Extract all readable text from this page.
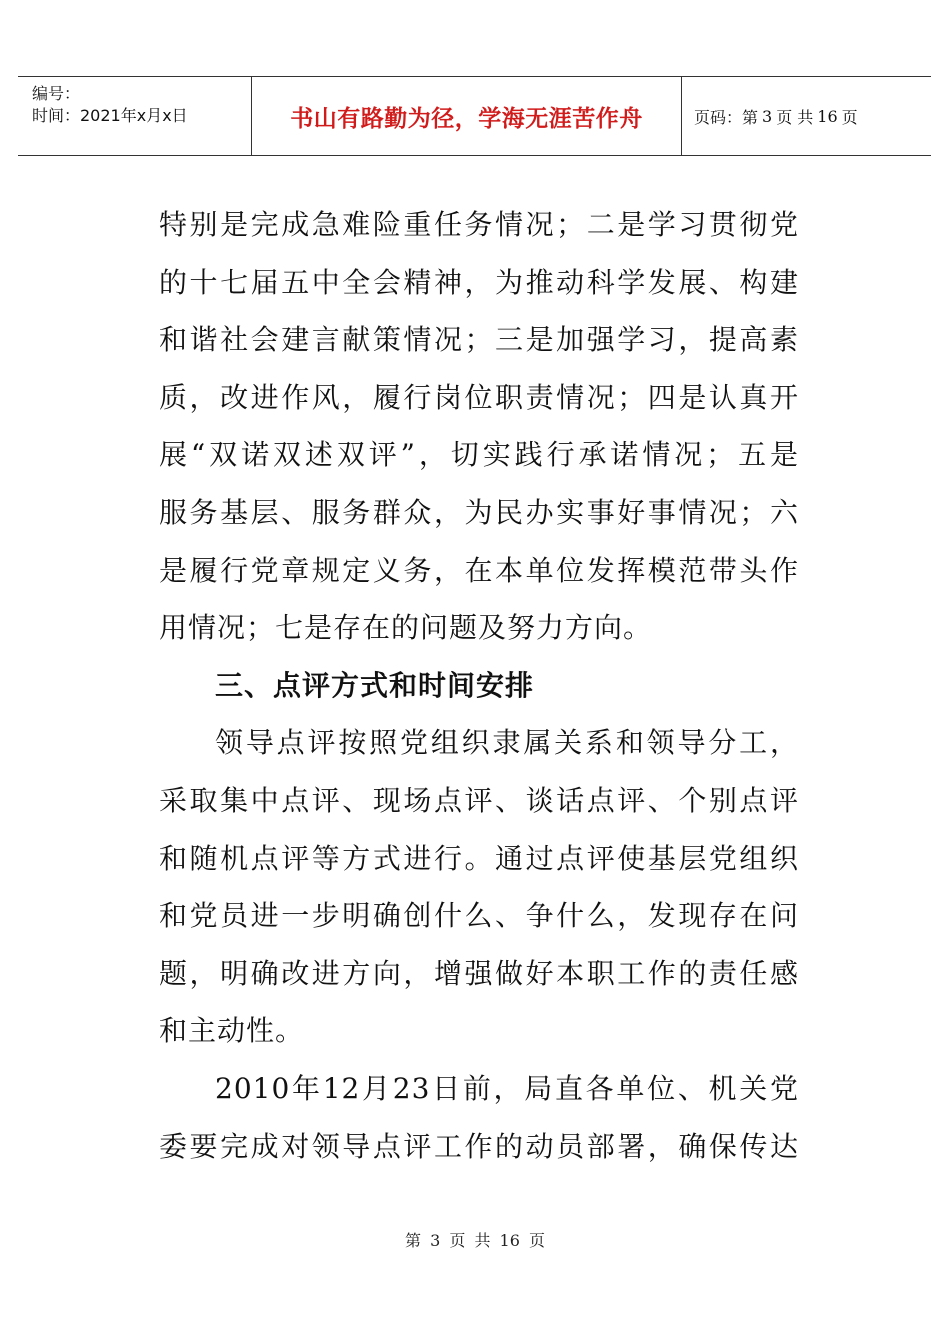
编号：
时间：2021年x月x日	书山有路勤为径，学海无涯苦作舟	页码：第 3 页 共 16 页
特别是完成急难险重任务情况；二是学习贯彻党
的十七届五中全会精神，为推动科学发展、构建
和谐社会建言献策情况；三是加强学习，提高素
质，改进作风，履行岗位职责情况；四是认真开
展“双诺双述双评”，切实践行承诺情况；五是
服务基层、服务群众，为民办实事好事情况；六
是履行党章规定义务，在本单位发挥模范带头作
用情况；七是存在的问题及努力方向。
三、点评方式和时间安排
领导点评按照党组织隶属关系和领导分工，
采取集中点评、现场点评、谈话点评、个别点评
和随机点评等方式进行。通过点评使基层党组织
和党员进一步明确创什么、争什么，发现存在问
题，明确改进方向，增强做好本职工作的责任感
和主动性。
2010年12月23日前，局直各单位、机关党
委要完成对领导点评工作的动员部署，确保传达
第 3 页 共 16 页
